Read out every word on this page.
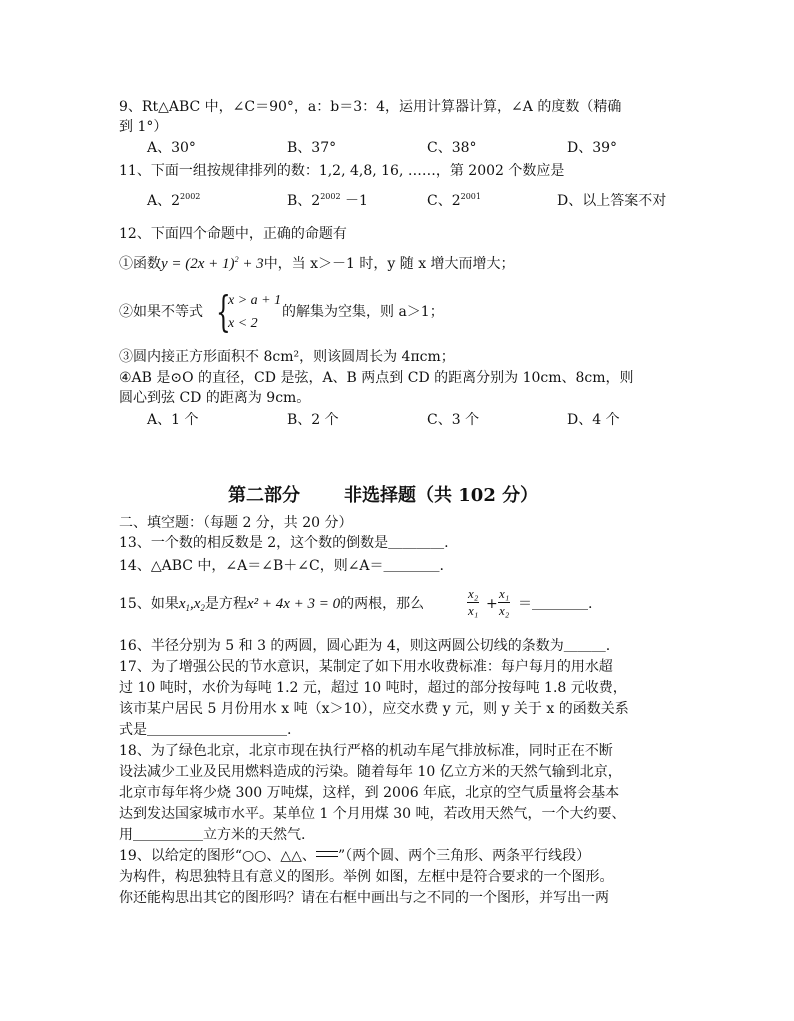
9、Rt△ABC 中，∠C＝90°，a：b＝3：4，运用计算器计算，∠A 的度数（精确
到 1°）
A、30°	B、37°	C、38°	D、39°
11、下面一组按规律排列的数：1,2, 4,8, 16, ……，第 2002 个数应是
A、$2^{2002}$	B、$2^{2002} -1$	C、$2^{2001}$	D、以上答案不对
12、下面四个命题中，正确的命题有
①函数$y = (2x + 1)^2 + 3$中，当 x＞－1 时，y 随 x 增大而增大；
②如果不等式 {
x > a + 1
x < 2
的解集为空集，则 a＞1；
③圆内接正方形面积不 8cm²，则该圆周长为 4πcm；
④AB 是⊙O 的直径，CD 是弦，A、B 两点到 CD 的距离分别为 10cm、8cm，则
圆心到弦 CD 的距离为 9cm。
A、1 个	B、2 个	C、3 个	D、4 个
第二部分 非选择题（共 102 分）
二、填空题：（每题 2 分，共 20 分）
13、一个数的相反数是 2，这个数的倒数是＿＿＿＿.
14、△ABC 中，∠A＝∠B＋∠C，则∠A＝＿＿＿＿.
15、如果$x_1,x_2$是方程x² + 4x + 3 = 0的两根，那么	$\frac{\text{x₂}}{\text{x₁}} + \frac{\text{x₁}}{\text{x₂}}$ ＝＿＿＿＿.
16、半径分别为 5 和 3 的两圆，圆心距为 4，则这两圆公切线的条数为＿＿＿.
17、为了增强公民的节水意识，某制定了如下用水收费标准：每户每月的用水超
过 10 吨时，水价为每吨 1.2 元，超过 10 吨时，超过的部分按每吨 1.8 元收费，
该市某户居民 5 月份用水 x 吨（x＞10），应交水费 y 元，则 y 关于 x 的函数关系
式是＿＿＿＿＿＿＿＿＿＿.
18、为了绿色北京，北京市现在执行严格的机动车尾气排放标准，同时正在不断
设法减少工业及民用燃料造成的污染。随着每年 10 亿立方米的天然气输到北京，
北京市每年将少烧 300 万吨煤，这样，到 2006 年底，北京的空气质量将会基本
达到发达国家城市水平。某单位 1 个月用煤 30 吨，若改用天然气，一个大约要、
用＿＿＿＿＿立方米的天然气.
19、以给定的图形“○○、△△、 ”（两个圆、两个三角形、两条平行线段）
为构件，构思独特且有意义的图形。举例 如图，左框中是符合要求的一个图形。
你还能构思出其它的图形吗？请在右框中画出与之不同的一个图形，并写出一两
